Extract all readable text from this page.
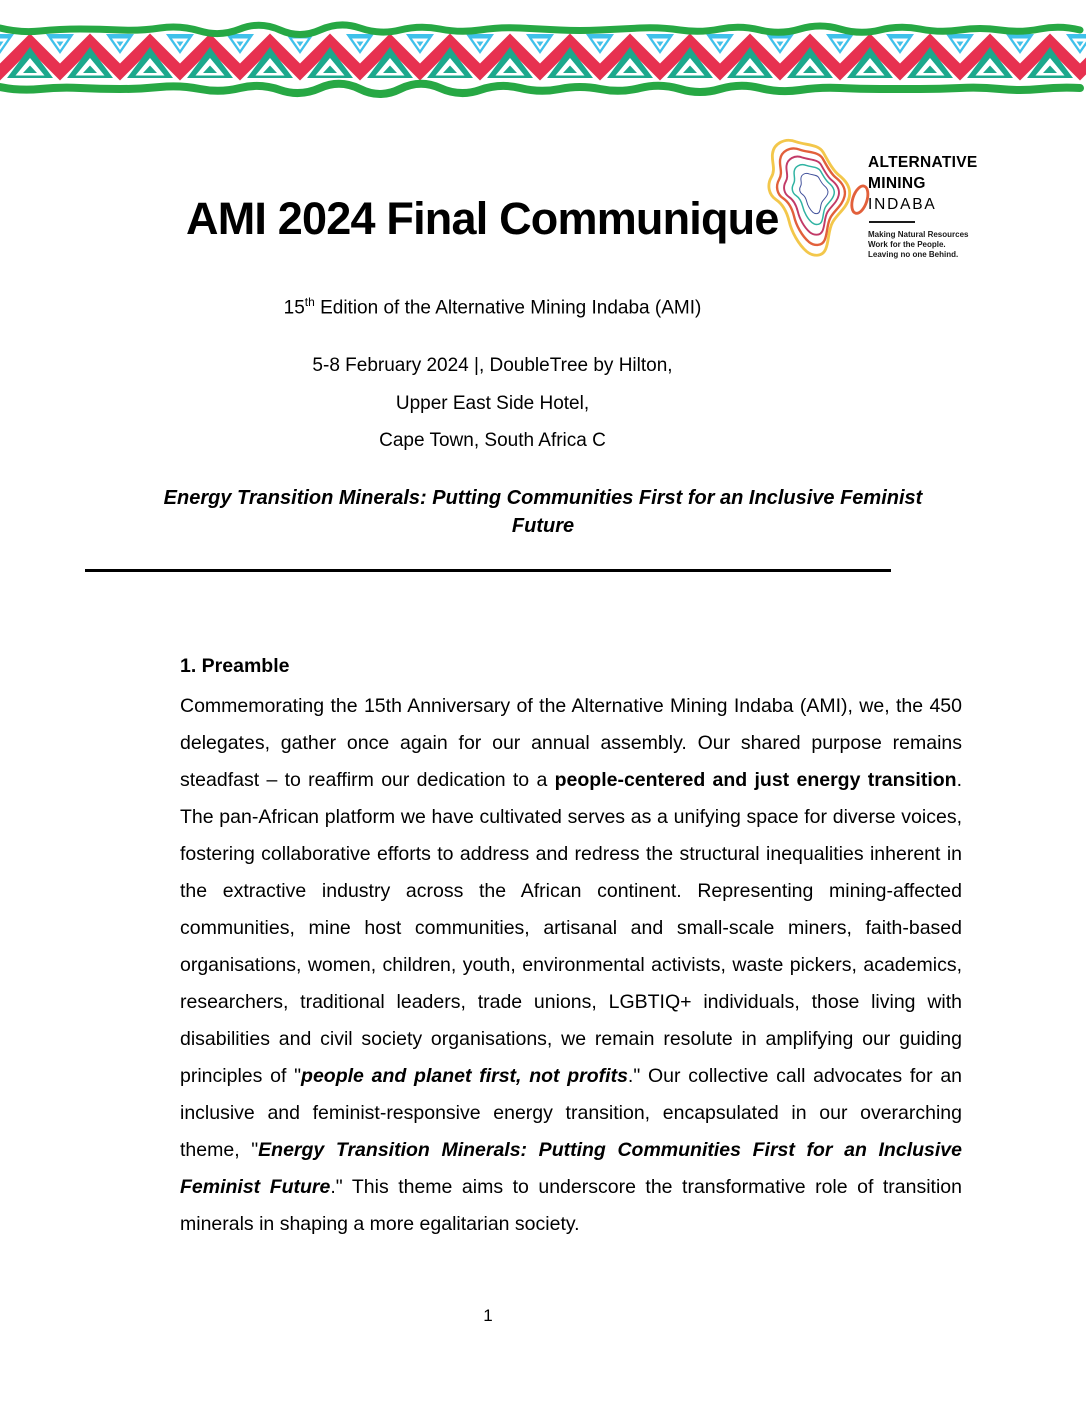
AMI 2024 Final Communique
ALTERNATIVE
MINING
INDABA
Making Natural Resources
Work for the People.
Leaving no one Behind.
15th Edition of the Alternative Mining Indaba (AMI)
5-8 February 2024 |, DoubleTree by Hilton,
Upper East Side Hotel,
Cape Town, South Africa C
Energy Transition Minerals: Putting Communities First for an Inclusive Feminist
Future
1. Preamble
Commemorating the 15th Anniversary of the Alternative Mining Indaba (AMI), we, the 450 delegates, gather once again for our annual assembly. Our shared purpose remains steadfast – to reaffirm our dedication to a people-centered and just energy transition. The pan-African platform we have cultivated serves as a unifying space for diverse voices, fostering collaborative efforts to address and redress the structural inequalities inherent in the extractive industry across the African continent. Representing mining-affected communities, mine host communities, artisanal and small-scale miners, faith-based organisations, women, children, youth, environmental activists, waste pickers, academics, researchers, traditional leaders, trade unions, LGBTIQ+ individuals, those living with disabilities and civil society organisations, we remain resolute in amplifying our guiding principles of "people and planet first, not profits." Our collective call advocates for an inclusive and feminist-responsive energy transition, encapsulated in our overarching theme, "Energy Transition Minerals: Putting Communities First for an Inclusive Feminist Future." This theme aims to underscore the transformative role of transition minerals in shaping a more egalitarian society.
1
